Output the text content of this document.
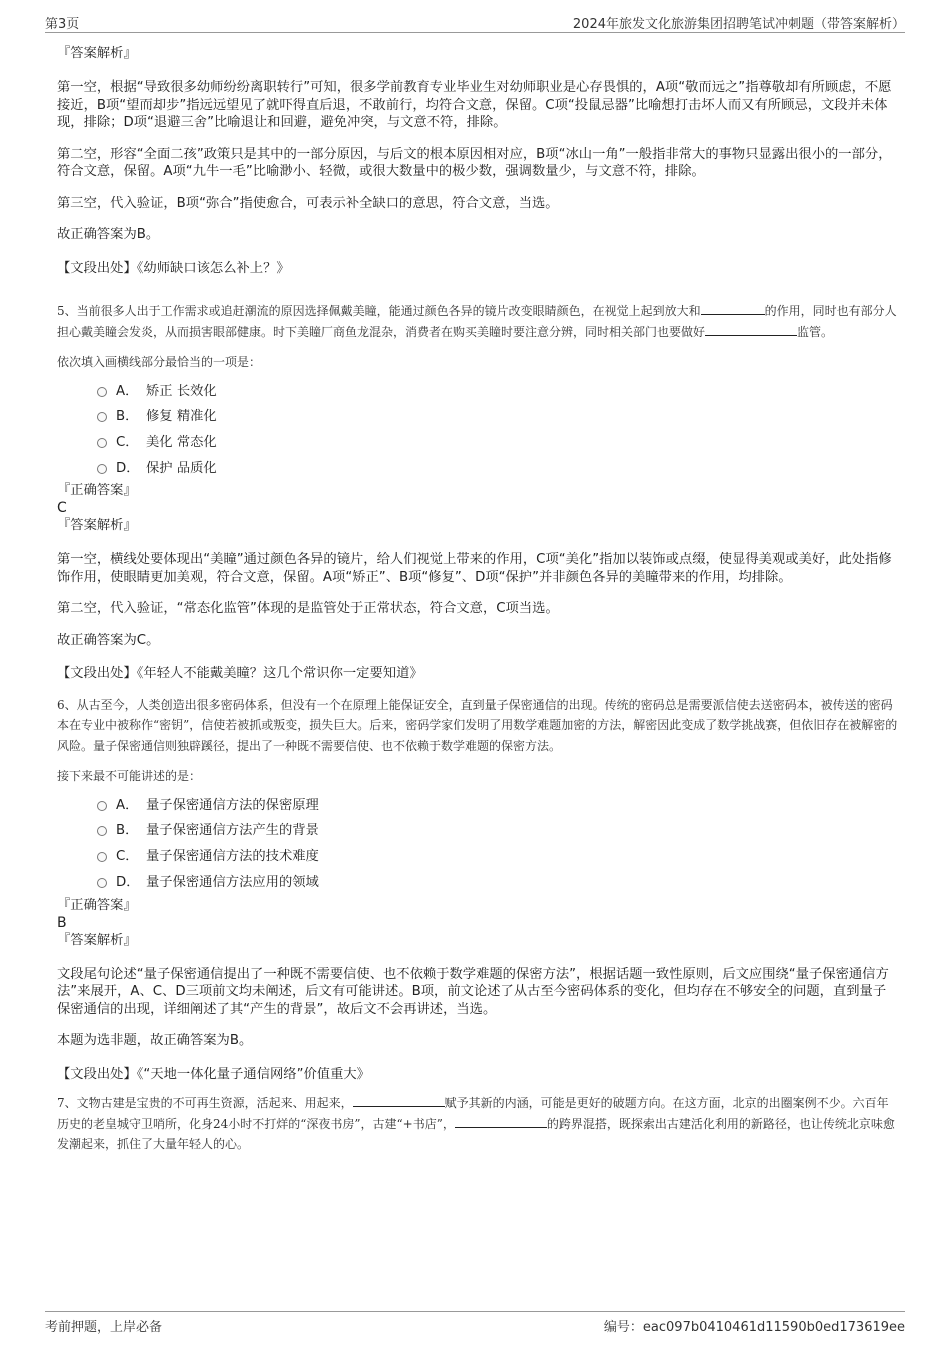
第3页	2024年旅发文化旅游集团招聘笔试冲刺题（带答案解析）

『答案解析』

第一空，根据“导致很多幼师纷纷离职转行”可知，很多学前教育专业毕业生对幼师职业是心存畏惧的，A项“敬而远之”指尊敬却有所顾虑，不愿接近，B项“望而却步”指远远望见了就吓得直后退，不敢前行，均符合文意，保留。C项“投鼠忌器”比喻想打击坏人而又有所顾忌，文段并未体现，排除；D项“退避三舍”比喻退让和回避，避免冲突，与文意不符，排除。

第二空，形容“全面二孩”政策只是其中的一部分原因，与后文的根本原因相对应，B项“冰山一角”一般指非常大的事物只显露出很小的一部分，符合文意，保留。A项“九牛一毛”比喻渺小、轻微，或很大数量中的极少数，强调数量少，与文意不符，排除。

第三空，代入验证，B项“弥合”指使愈合，可表示补全缺口的意思，符合文意，当选。

故正确答案为B。

【文段出处】《幼师缺口该怎么补上？》

5、当前很多人出于工作需求或追赶潮流的原因选择佩戴美瞳，能通过颜色各异的镜片改变眼睛颜色，在视觉上起到放大和	的作用，同时也有部分人担心戴美瞳会发炎，从而损害眼部健康。时下美瞳厂商鱼龙混杂，消费者在购买美瞳时要注意分辨，同时相关部门也要做好	监管。

依次填入画横线部分最恰当的一项是：

A． 矫正 长效化
B． 修复 精准化
C． 美化 常态化
D． 保护 品质化

『正确答案』

C

『答案解析』

第一空，横线处要体现出“美瞳”通过颜色各异的镜片，给人们视觉上带来的作用，C项“美化”指加以装饰或点缀，使显得美观或美好，此处指修饰作用，使眼睛更加美观，符合文意，保留。A项“矫正”、B项“修复”、D项“保护”并非颜色各异的美瞳带来的作用，均排除。

第二空，代入验证，“常态化监管”体现的是监管处于正常状态，符合文意，C项当选。

故正确答案为C。

【文段出处】《年轻人不能戴美瞳？这几个常识你一定要知道》

6、从古至今，人类创造出很多密码体系，但没有一个在原理上能保证安全，直到量子保密通信的出现。传统的密码总是需要派信使去送密码本，被传送的密码本在专业中被称作“密钥”，信使若被抓或叛变，损失巨大。后来，密码学家们发明了用数学难题加密的方法，解密因此变成了数学挑战赛，但依旧存在被解密的风险。量子保密通信则独辟蹊径，提出了一种既不需要信使、也不依赖于数学难题的保密方法。

接下来最不可能讲述的是：

A． 量子保密通信方法的保密原理
B． 量子保密通信方法产生的背景
C． 量子保密通信方法的技术难度
D． 量子保密通信方法应用的领域

『正确答案』

B

『答案解析』

文段尾句论述“量子保密通信提出了一种既不需要信使、也不依赖于数学难题的保密方法”，根据话题一致性原则，后文应围绕“量子保密通信方法”来展开，A、C、D三项前文均未阐述，后文有可能讲述。B项，前文论述了从古至今密码体系的变化，但均存在不够安全的问题，直到量子保密通信的出现，详细阐述了其“产生的背景”，故后文不会再讲述，当选。

本题为选非题，故正确答案为B。

【文段出处】《“天地一体化量子通信网络”价值重大》

7、文物古建是宝贵的不可再生资源，活起来、用起来，	赋予其新的内涵，可能是更好的破题方向。在这方面，北京的出圈案例不少。六百年历史的老皇城守卫哨所，化身24小时不打烊的“深夜书房”，古建“+书店”，	的跨界混搭，既探索出古建活化利用的新路径，也让传统北京味愈发潮起来，抓住了大量年轻人的心。

考前押题，上岸必备	编号：eac097b0410461d11590b0ed173619ee
